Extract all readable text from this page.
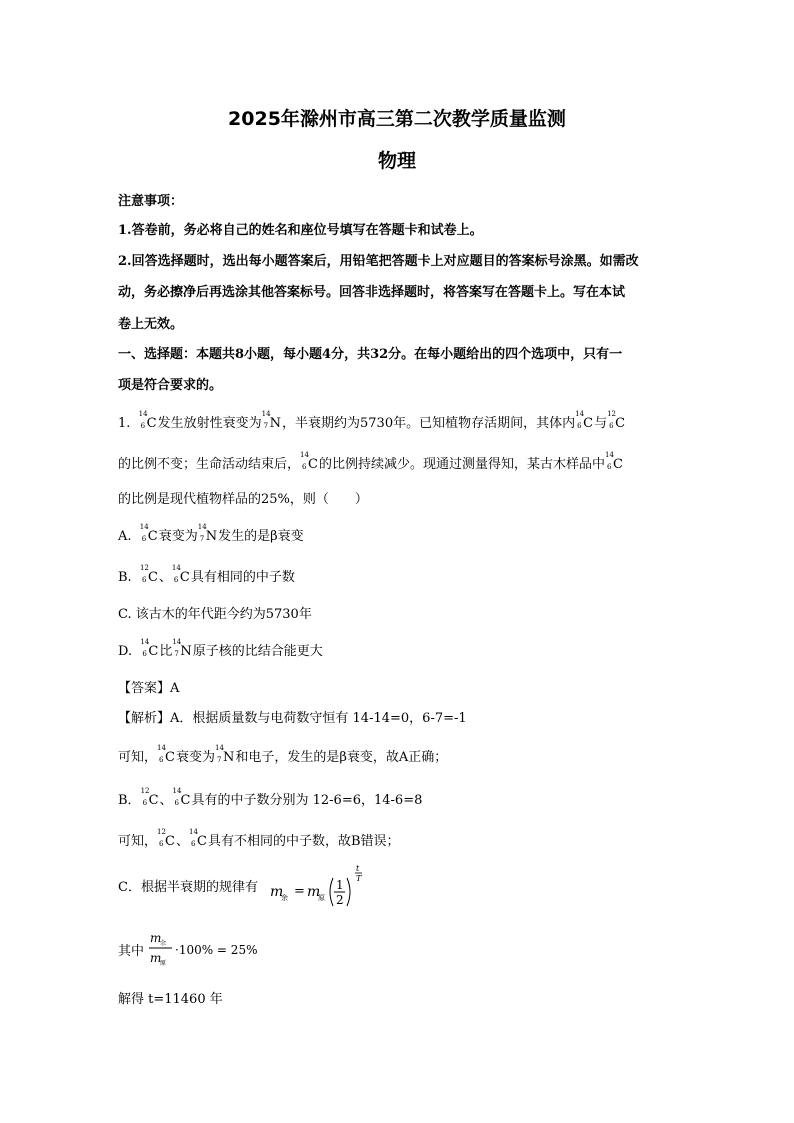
2025年滁州市高三第二次教学质量监测
物理
注意事项：
1.答卷前，务必将自己的姓名和座位号填写在答题卡和试卷上。
2.回答选择题时，选出每小题答案后，用铅笔把答题卡上对应题目的答案标号涂黑。如需改
动，务必擦净后再选涂其他答案标号。回答非选择题时，将答案写在答题卡上。写在本试
卷上无效。
一、选择题：本题共8小题，每小题4分，共32分。在每小题给出的四个选项中，只有一
项是符合要求的。
1.
14
6 C发生放射性衰变为
14
7 N，半衰期约为5730年。已知植物存活期间，其体内
14
6 C与
12
6 C
的比例不变；生命活动结束后，
14
6 C的比例持续减少。现通过测量得知，某古木样品中
14
6 C
的比例是现代植物样品的25%，则（　　）
A.
14
6 C衰变为
14
7 N发生的是β衰变
B.
12
6 C、
14
6 C具有相同的中子数
C. 该古木的年代距今约为5730年
D.
14
6 C比
14
7 N原子核的比结合能更大
【答案】A
【解析】A．根据质量数与电荷数守恒有 14-14=0，6-7=-1
可知，
14
6 C衰变为
14
7 N和电子，发生的是β衰变，故A正确；
B．
12
6 C、
14
6 C具有的中子数分别为 12-6=6，14-6=8
可知，
12
6 C、
14
6 C具有不相同的中子数，故B错误；
C．根据半衰期的规律有 m
余 = m
原
1
2
t
T
其中
m
余
m
原
·100% = 25%
解得 t=11460 年
